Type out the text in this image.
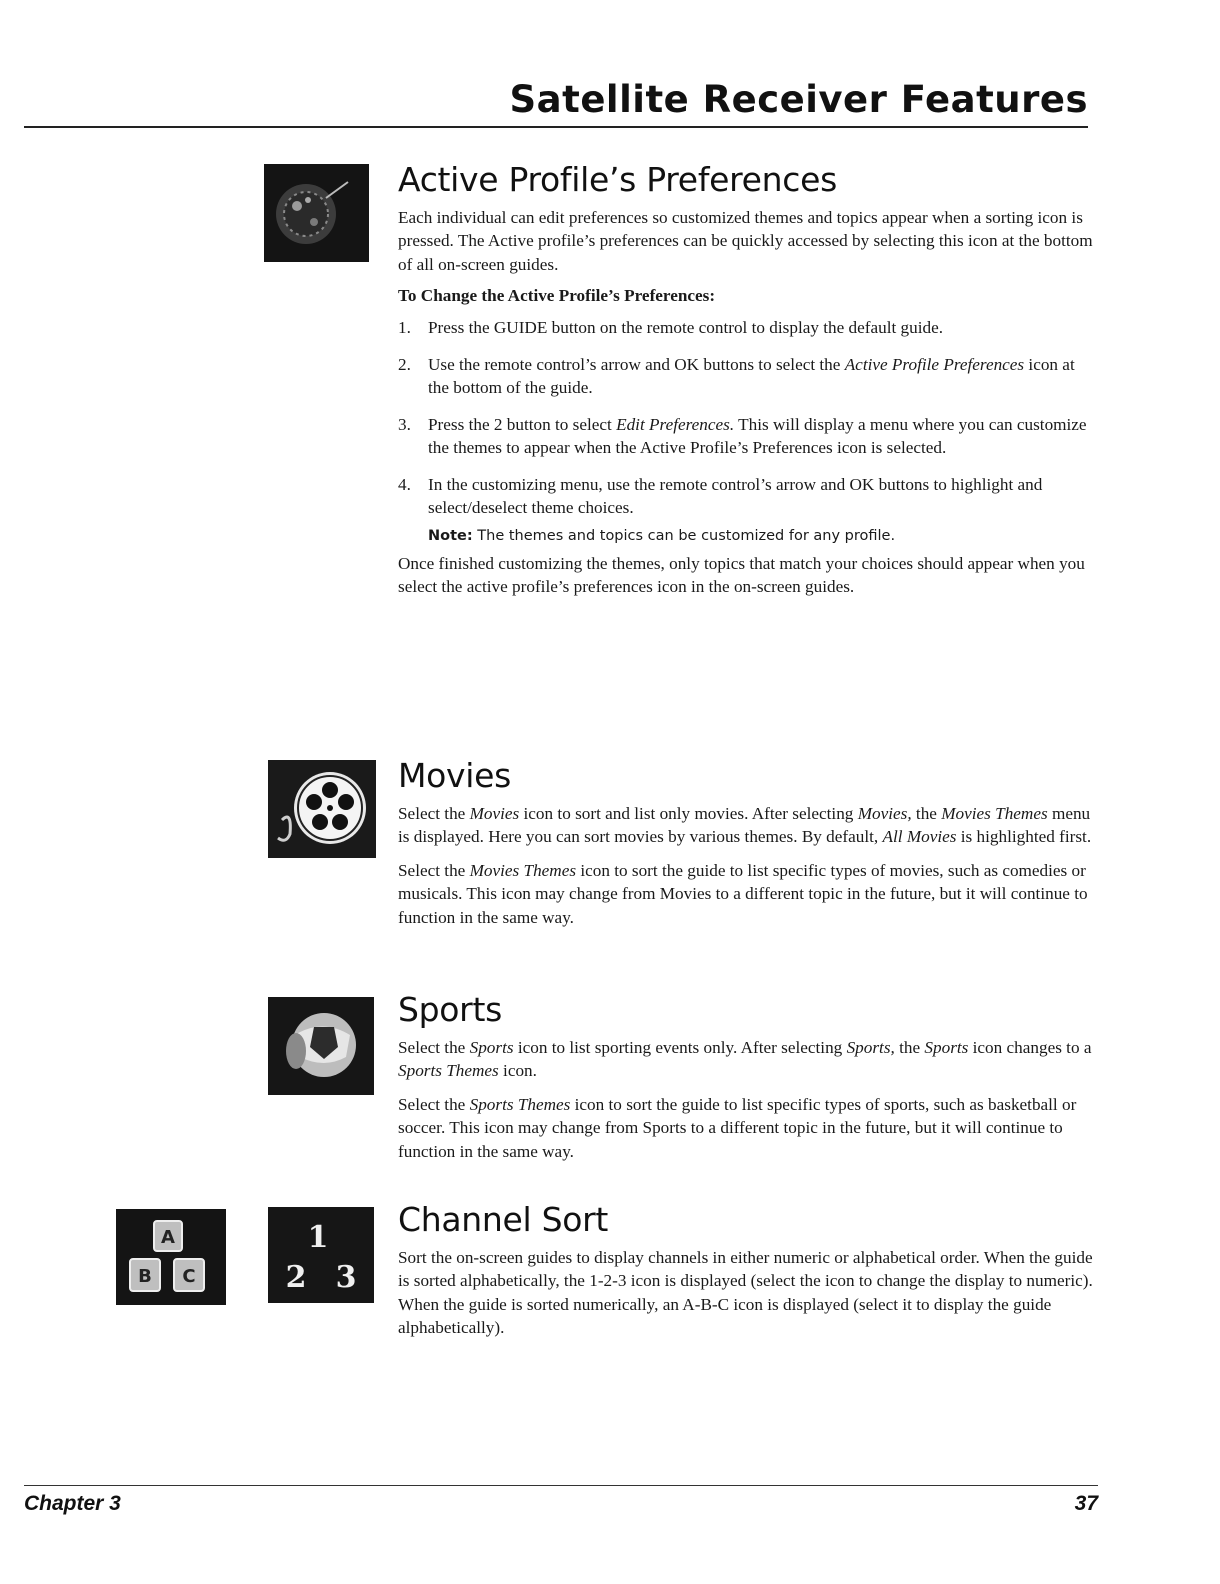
Satellite Receiver Features
A
B C
1
2 3
Active Profile’s Preferences

Each individual can edit preferences so customized themes and topics appear when a sorting icon is pressed. The Active profile’s preferences can be quickly accessed by selecting this icon at the bottom of all on-screen guides.

To Change the Active Profile’s Preferences:
1. Press the GUIDE button on the remote control to display the default guide.
2. Use the remote control’s arrow and OK buttons to select the Active Profile Preferences icon at the bottom of the guide.
3. Press the 2 button to select Edit Preferences. This will display a menu where you can customize the themes to appear when the Active Profile’s Preferences icon is selected.
4. In the customizing menu, use the remote control’s arrow and OK buttons to highlight and select/deselect theme choices.
Note: The themes and topics can be customized for any profile.

Once finished customizing the themes, only topics that match your choices should appear when you select the active profile’s preferences icon in the on-screen guides.

Movies

Select the Movies icon to sort and list only movies. After selecting Movies, the Movies Themes menu is displayed. Here you can sort movies by various themes. By default, All Movies is highlighted first.

Select the Movies Themes icon to sort the guide to list specific types of movies, such as comedies or musicals. This icon may change from Movies to a different topic in the future, but it will continue to function in the same way.

Sports

Select the Sports icon to list sporting events only. After selecting Sports, the Sports icon changes to a Sports Themes icon.

Select the Sports Themes icon to sort the guide to list specific types of sports, such as basketball or soccer. This icon may change from Sports to a different topic in the future, but it will continue to function in the same way.

Channel Sort

Sort the on-screen guides to display channels in either numeric or alphabetical order. When the guide is sorted alphabetically, the 1-2-3 icon is displayed (select the icon to change the display to numeric). When the guide is sorted numerically, an A-B-C icon is displayed (select it to display the guide alphabetically).

Chapter 3	37
